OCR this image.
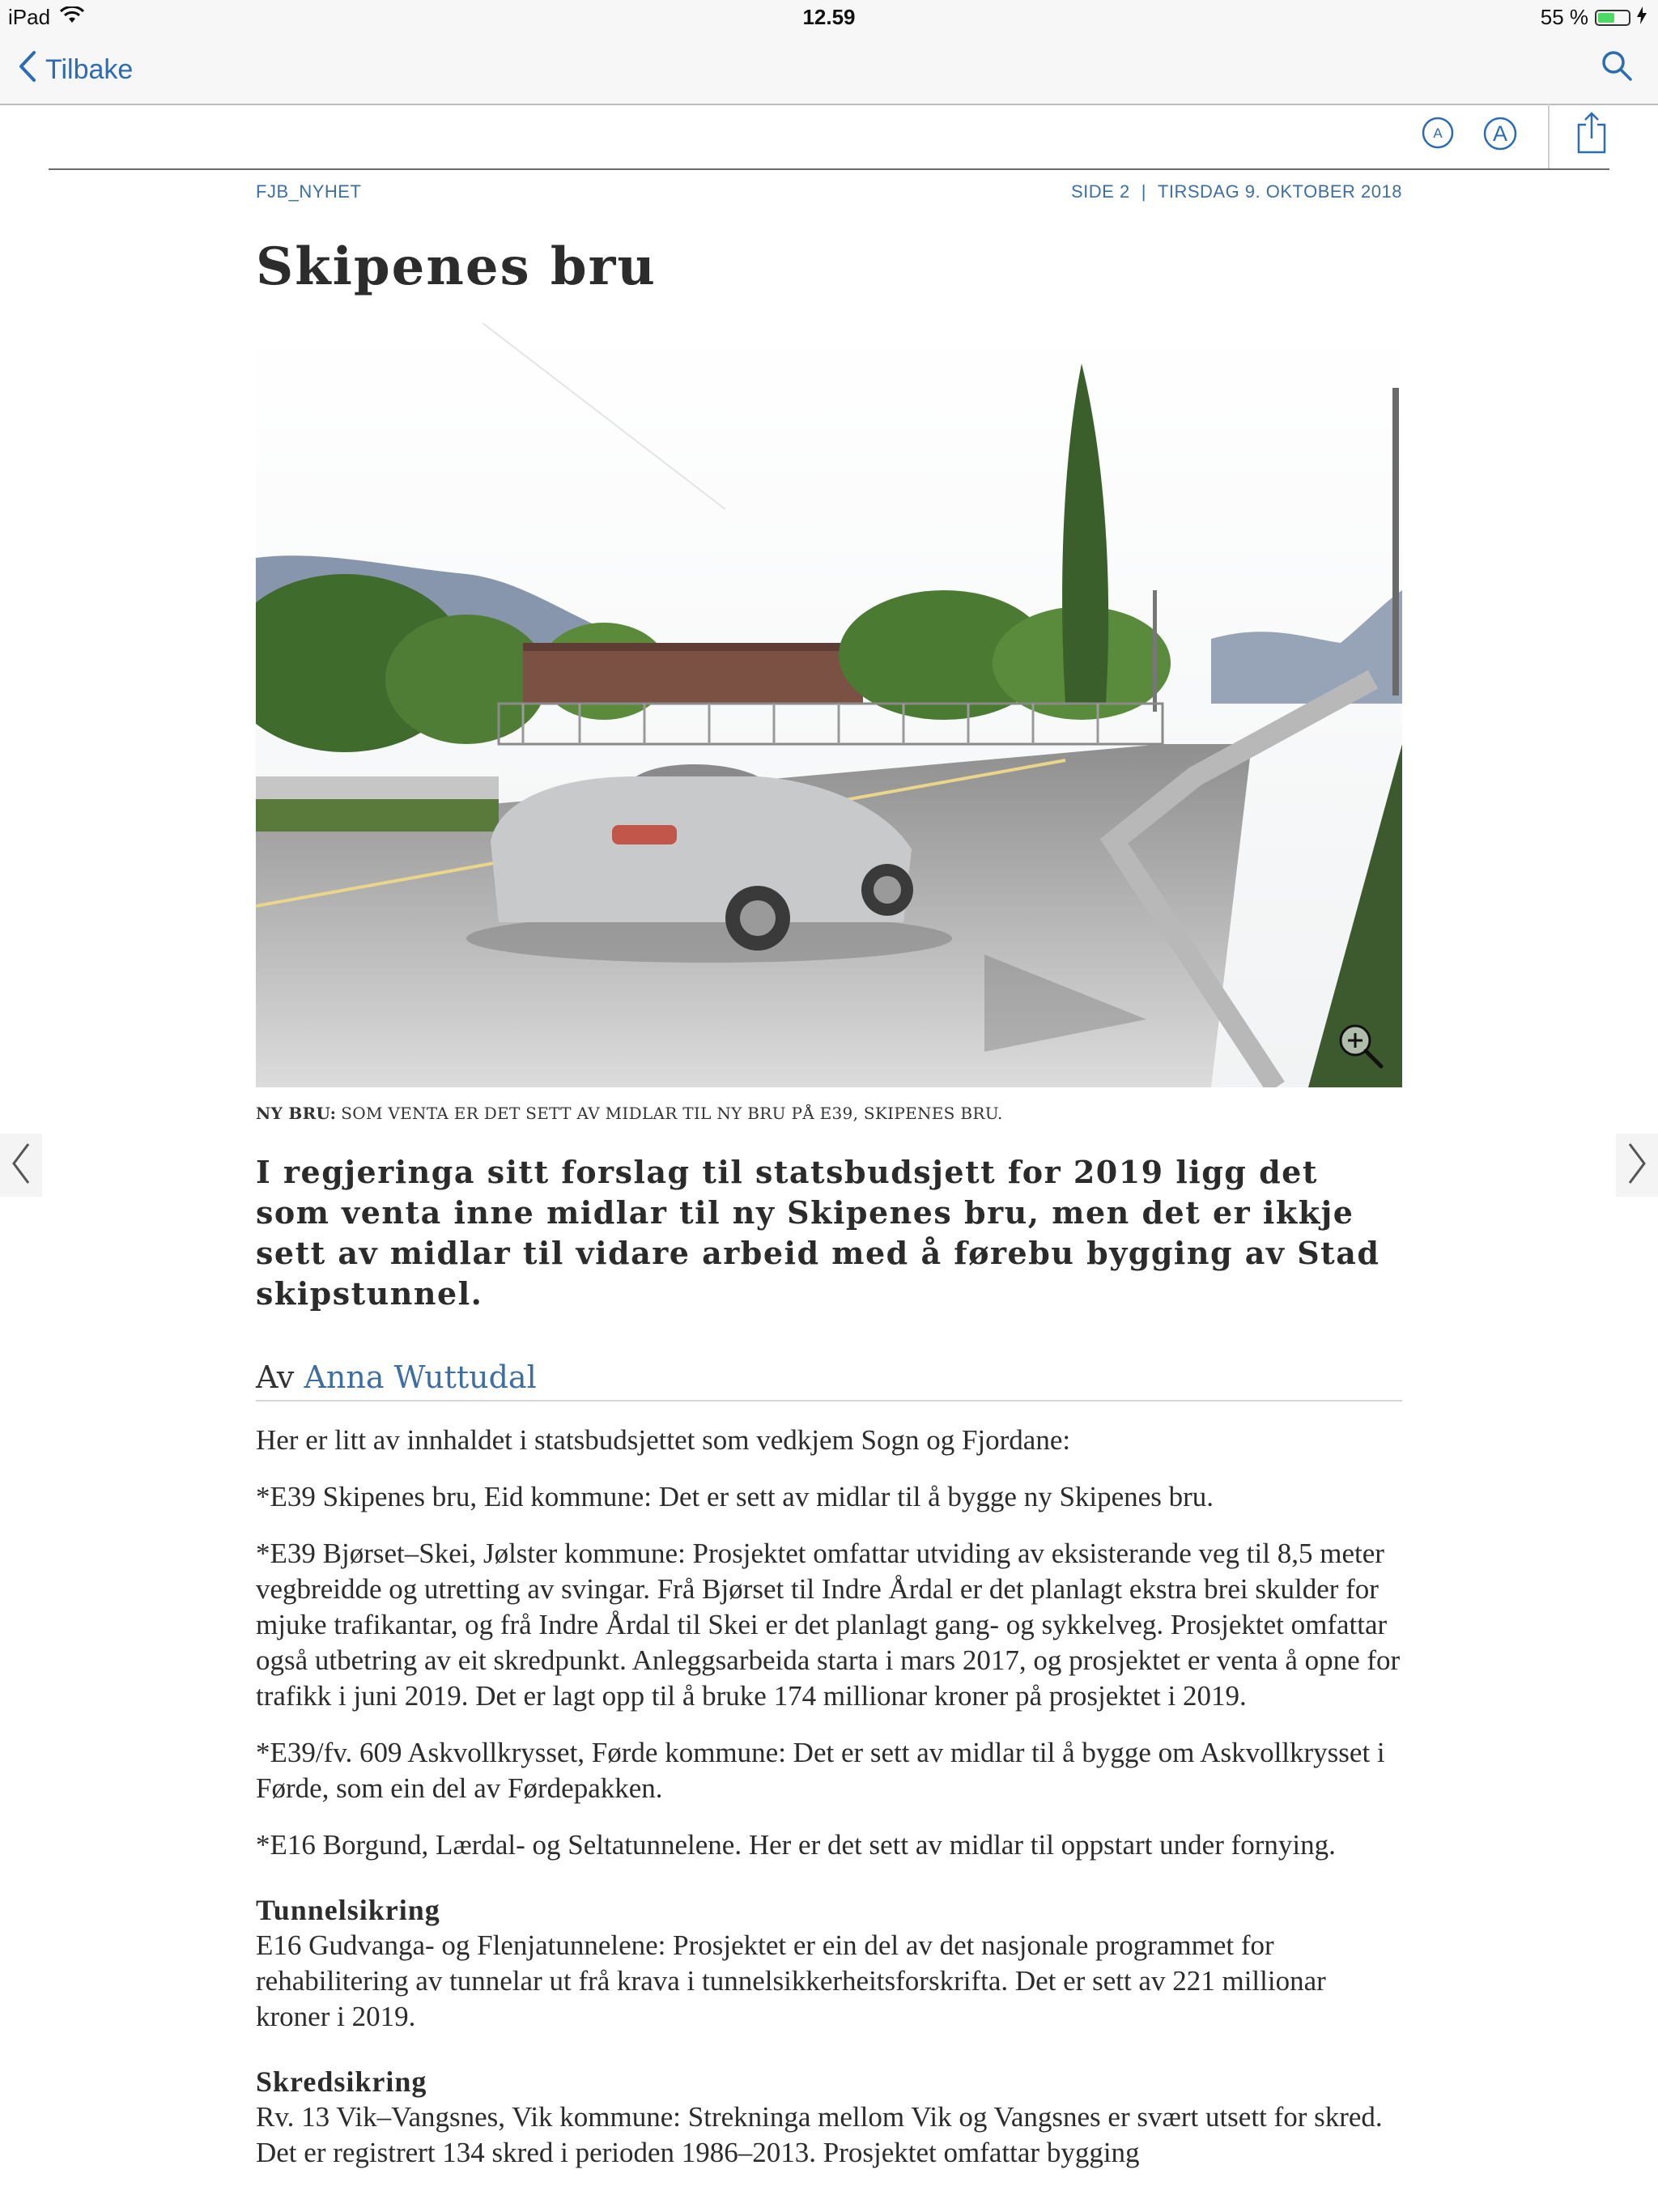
iPad	12.59	55 %
Tilbake
A A
FJB_NYHET	SIDE 2 | TIRSDAG 9. OKTOBER 2018
Skipenes bru
NY BRU: SOM VENTA ER DET SETT AV MIDLAR TIL NY BRU PÅ E39, SKIPENES BRU.
I regjeringa sitt forslag til statsbudsjett for 2019 ligg det som venta inne midlar til ny Skipenes bru, men det er ikkje sett av midlar til vidare arbeid med å førebu bygging av Stad skipstunnel.
Av Anna Wuttudal

Her er litt av innhaldet i statsbudsjettet som vedkjem Sogn og Fjordane:

*E39 Skipenes bru, Eid kommune: Det er sett av midlar til å bygge ny Skipenes bru.

*E39 Bjørset–Skei, Jølster kommune: Prosjektet omfattar utviding av eksisterande veg til 8,5 meter vegbreidde og utretting av svingar. Frå Bjørset til Indre Årdal er det planlagt ekstra brei skulder for mjuke trafikantar, og frå Indre Årdal til Skei er det planlagt gang- og sykkelveg. Prosjektet omfattar også utbetring av eit skredpunkt. Anleggsarbeida starta i mars 2017, og prosjektet er venta å opne for trafikk i juni 2019. Det er lagt opp til å bruke 174 millionar kroner på prosjektet i 2019.

*E39/fv. 609 Askvollkrysset, Førde kommune: Det er sett av midlar til å bygge om Askvollkrysset i Førde, som ein del av Førdepakken.

*E16 Borgund, Lærdal- og Seltatunnelene. Her er det sett av midlar til oppstart under fornying.

Tunnelsikring

E16 Gudvanga- og Flenjatunnelene: Prosjektet er ein del av det nasjonale programmet for rehabilitering av tunnelar ut frå krava i tunnelsikkerheitsforskrifta. Det er sett av 221 millionar kroner i 2019.

Skredsikring

Rv. 13 Vik–Vangsnes, Vik kommune: Strekninga mellom Vik og Vangsnes er svært utsett for skred. Det er registrert 134 skred i perioden 1986–2013. Prosjektet omfattar bygging
